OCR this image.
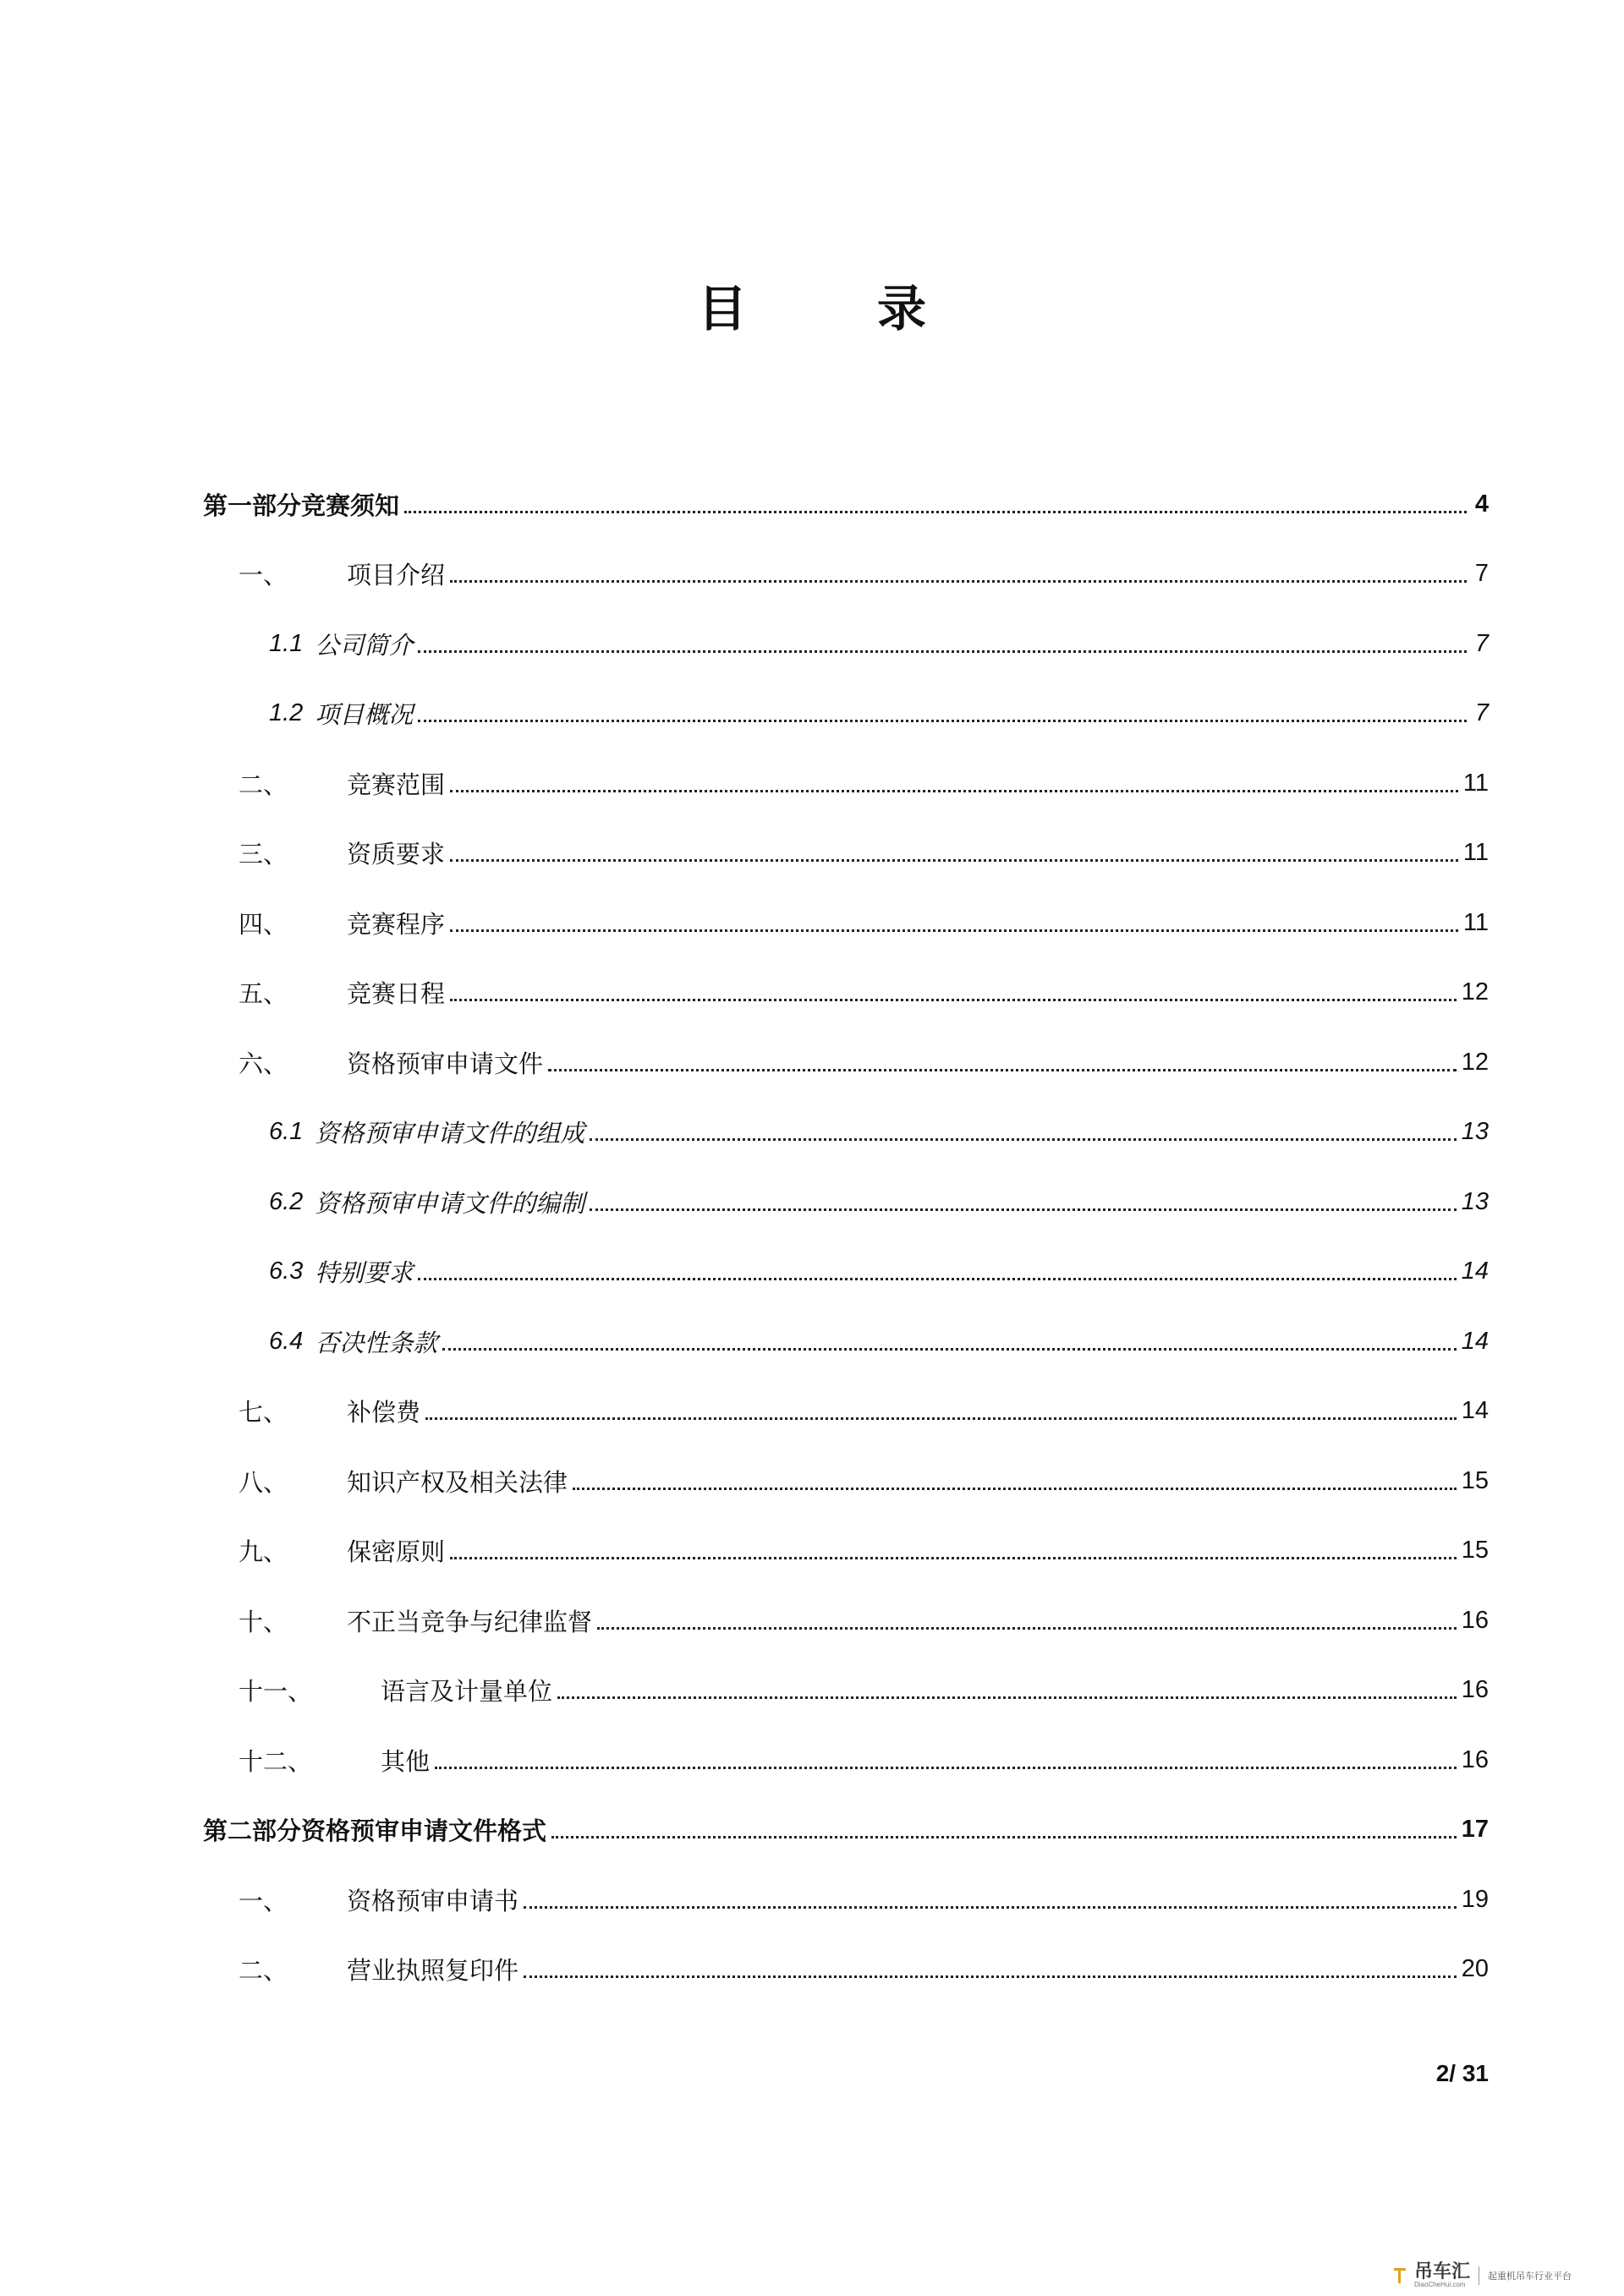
目　录
第一部分竞赛须知	4
一、	项目介绍	7
1.1 公司简介	7
1.2 项目概况	7
二、	竞赛范围	11
三、	资质要求	11
四、	竞赛程序	11
五、	竞赛日程	12
六、	资格预审申请文件	12
6.1 资格预审申请文件的组成	13
6.2 资格预审申请文件的编制	13
6.3 特别要求	14
6.4 否决性条款	14
七、	补偿费	14
八、	知识产权及相关法律	15
九、	保密原则	15
十、	不正当竞争与纪律监督	16
十一、	语言及计量单位	16
十二、	其他	16
第二部分资格预审申请文件格式	17
一、	资格预审申请书	19
二、	营业执照复印件	20
2/ 31
吊车汇
DiaoCheHui.com
起重机吊车行业平台
